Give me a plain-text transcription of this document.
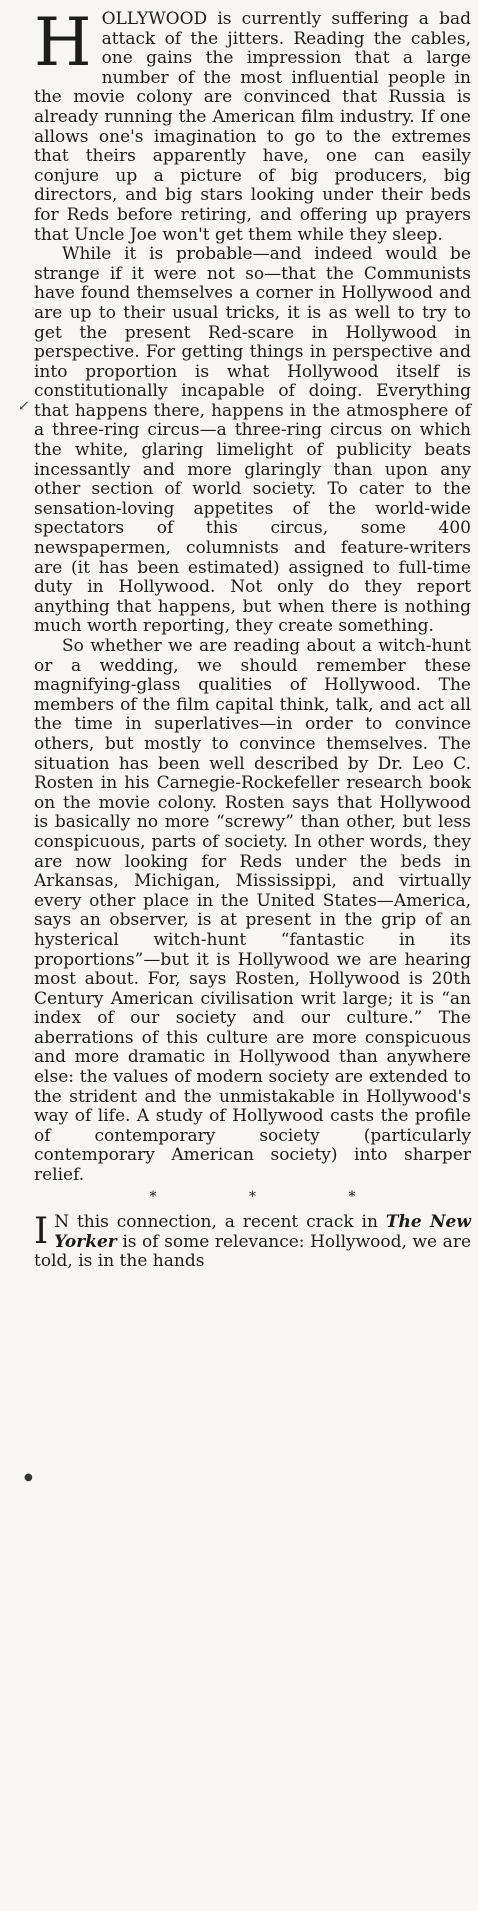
↙
●

HOLLYWOOD is currently suffering a bad attack of the jitters. Reading the cables, one gains the impression that a large number of the most influential people in the movie colony are convinced that Russia is already running the American film industry. If one allows one's imagination to go to the extremes that theirs apparently have, one can easily conjure up a picture of big producers, big directors, and big stars looking under their beds for Reds before retiring, and offering up prayers that Uncle Joe won't get them while they sleep.

While it is probable—and indeed would be strange if it were not so—that the Communists have found themselves a corner in Hollywood and are up to their usual tricks, it is as well to try to get the present Red-scare in Hollywood in perspective. For getting things in perspective and into proportion is what Hollywood itself is constitutionally incapable of doing. Everything that happens there, happens in the atmosphere of a three-ring circus—a three-ring circus on which the white, glaring limelight of publicity beats incessantly and more glaringly than upon any other section of world society. To cater to the sensation-loving appetites of the world-wide spectators of this circus, some 400 newspapermen, columnists and feature-writers are (it has been estimated) assigned to full-time duty in Hollywood. Not only do they report anything that happens, but when there is nothing much worth reporting, they create something.

So whether we are reading about a witch-hunt or a wedding, we should remember these magnifying-glass qualities of Hollywood. The members of the film capital think, talk, and act all the time in superlatives—in order to convince others, but mostly to convince themselves. The situation has been well described by Dr. Leo C. Rosten in his Carnegie-Rockefeller research book on the movie colony. Rosten says that Hollywood is basically no more “screwy” than other, but less conspicuous, parts of society. In other words, they are now looking for Reds under the beds in Arkansas, Michigan, Mississippi, and virtually every other place in the United States—America, says an observer, is at present in the grip of an hysterical witch-hunt “fantastic in its proportions”—but it is Hollywood we are hearing most about. For, says Rosten, Hollywood is 20th Century American civilisation writ large; it is “an index of our society and our culture.” The aberrations of this culture are more conspicuous and more dramatic in Hollywood than anywhere else: the values of modern society are extended to the strident and the unmistakable in Hollywood's way of life. A study of Hollywood casts the profile of contemporary society (particularly contemporary American society) into sharper relief.

* * *

I N this connection, a recent crack in The New Yorker is of some relevance: Hollywood, we are told, is in the hands
